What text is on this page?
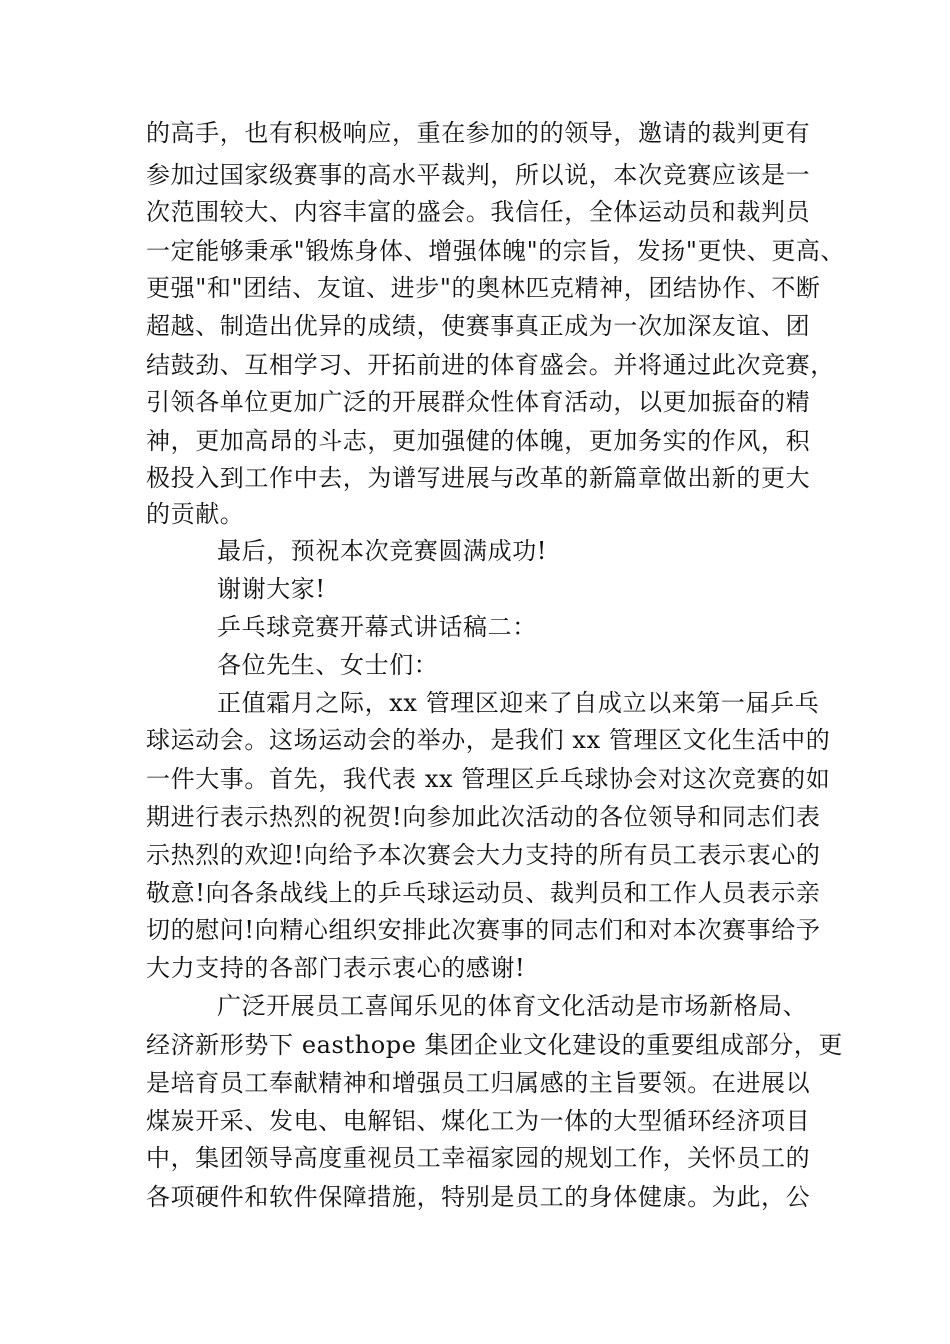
的高手，也有积极响应，重在参加的的领导，邀请的裁判更有
参加过国家级赛事的高水平裁判，所以说，本次竞赛应该是一
次范围较大、内容丰富的盛会。我信任，全体运动员和裁判员
一定能够秉承"锻炼身体、增强体魄"的宗旨，发扬"更快、更高、
更强"和"团结、友谊、进步"的奥林匹克精神，团结协作、不断
超越、制造出优异的成绩，使赛事真正成为一次加深友谊、团
结鼓劲、互相学习、开拓前进的体育盛会。并将通过此次竞赛，
引领各单位更加广泛的开展群众性体育活动，以更加振奋的精
神，更加高昂的斗志，更加强健的体魄，更加务实的作风，积
极投入到工作中去，为谱写进展与改革的新篇章做出新的更大
的贡献。
最后，预祝本次竞赛圆满成功!
谢谢大家!
乒乓球竞赛开幕式讲话稿二：
各位先生、女士们：
正值霜月之际，xx 管理区迎来了自成立以来第一届乒乓
球运动会。这场运动会的举办，是我们 xx 管理区文化生活中的
一件大事。首先，我代表 xx 管理区乒乓球协会对这次竞赛的如
期进行表示热烈的祝贺!向参加此次活动的各位领导和同志们表
示热烈的欢迎!向给予本次赛会大力支持的所有员工表示衷心的
敬意!向各条战线上的乒乓球运动员、裁判员和工作人员表示亲
切的慰问!向精心组织安排此次赛事的同志们和对本次赛事给予
大力支持的各部门表示衷心的感谢!
广泛开展员工喜闻乐见的体育文化活动是市场新格局、
经济新形势下 easthope 集团企业文化建设的重要组成部分，更
是培育员工奉献精神和增强员工归属感的主旨要领。在进展以
煤炭开采、发电、电解铝、煤化工为一体的大型循环经济项目
中，集团领导高度重视员工幸福家园的规划工作，关怀员工的
各项硬件和软件保障措施，特别是员工的身体健康。为此，公
